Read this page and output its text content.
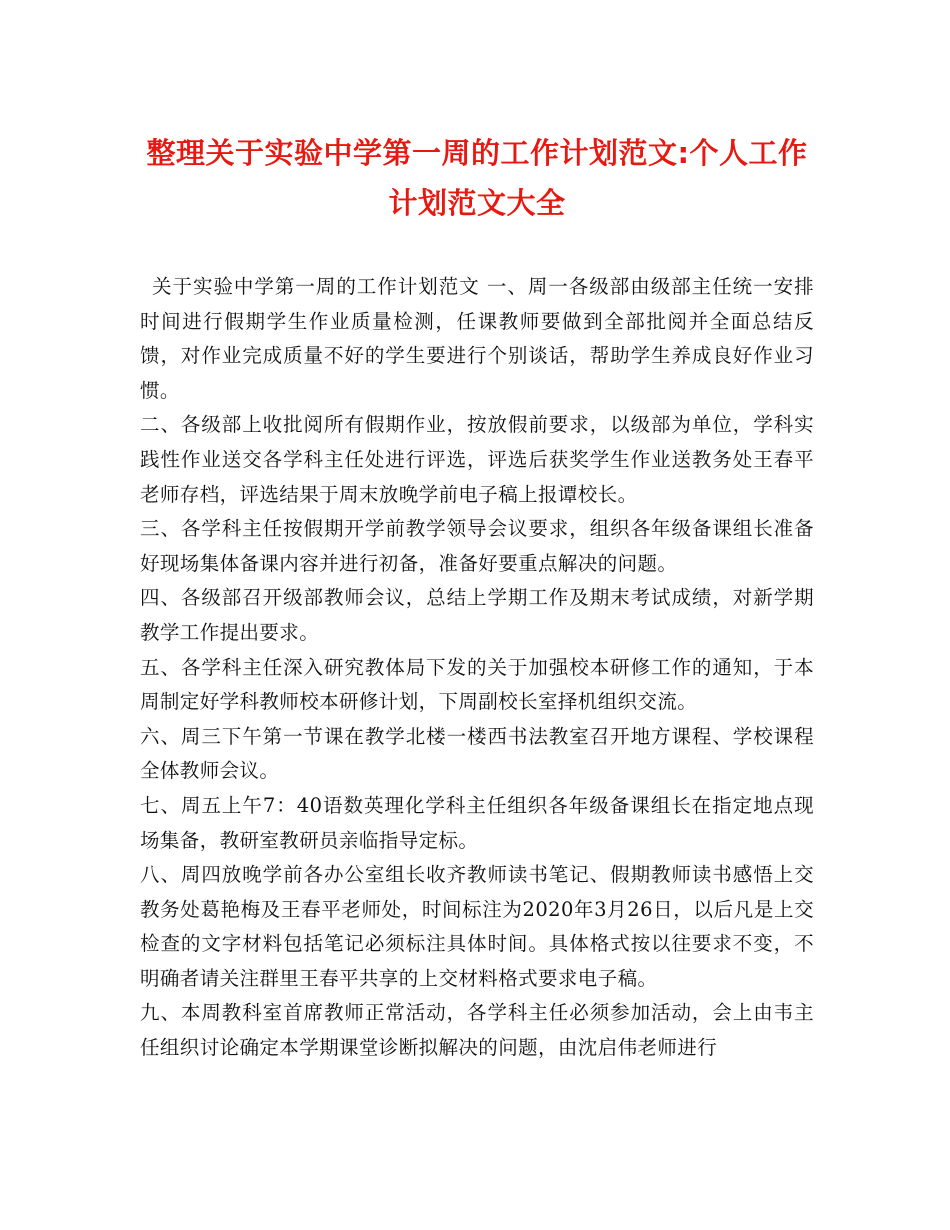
整理关于实验中学第一周的工作计划范文:个人工作计划范文大全

关于实验中学第一周的工作计划范文 一、周一各级部由级部主任统一安排时间进行假期学生作业质量检测，任课教师要做到全部批阅并全面总结反馈，对作业完成质量不好的学生要进行个别谈话，帮助学生养成良好作业习惯。

二、各级部上收批阅所有假期作业，按放假前要求，以级部为单位，学科实践性作业送交各学科主任处进行评选，评选后获奖学生作业送教务处王春平老师存档，评选结果于周末放晚学前电子稿上报谭校长。

三、各学科主任按假期开学前教学领导会议要求，组织各年级备课组长准备好现场集体备课内容并进行初备，准备好要重点解决的问题。

四、各级部召开级部教师会议，总结上学期工作及期末考试成绩，对新学期教学工作提出要求。

五、各学科主任深入研究教体局下发的关于加强校本研修工作的通知，于本周制定好学科教师校本研修计划，下周副校长室择机组织交流。

六、周三下午第一节课在教学北楼一楼西书法教室召开地方课程、学校课程全体教师会议。

七、周五上午7：40语数英理化学科主任组织各年级备课组长在指定地点现场集备，教研室教研员亲临指导定标。

八、周四放晚学前各办公室组长收齐教师读书笔记、假期教师读书感悟上交教务处葛艳梅及王春平老师处，时间标注为2020年3月26日，以后凡是上交检查的文字材料包括笔记必须标注具体时间。具体格式按以往要求不变，不明确者请关注群里王春平共享的上交材料格式要求电子稿。

九、本周教科室首席教师正常活动，各学科主任必须参加活动，会上由韦主任组织讨论确定本学期课堂诊断拟解决的问题，由沈启伟老师进行
